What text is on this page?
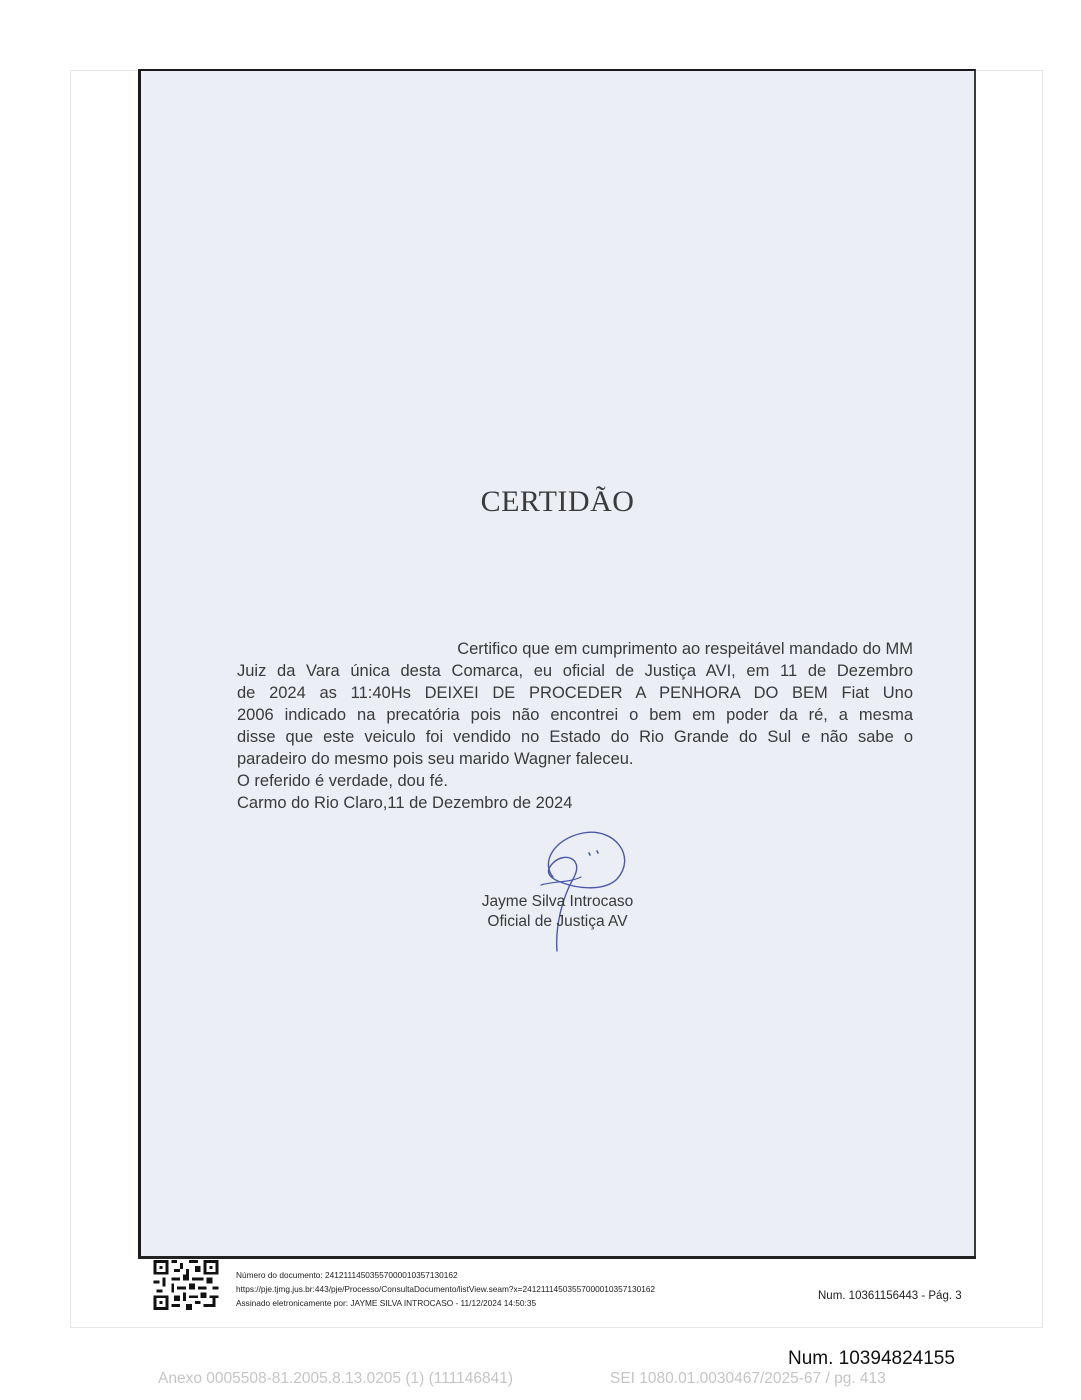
CERTIDÃO

Certifico que em cumprimento ao respeitável mandado do MM

Juiz da Vara única desta Comarca, eu oficial de Justiça AVI, em 11 de Dezembro

de 2024 as 11:40Hs DEIXEI DE PROCEDER A PENHORA DO BEM Fiat Uno

2006 indicado na precatória pois não encontrei o bem em poder da ré, a mesma

disse que este veiculo foi vendido no Estado do Rio Grande do Sul e não sabe o

paradeiro do mesmo pois seu marido Wagner faleceu.

O referido é verdade, dou fé.

Carmo do Rio Claro,11 de Dezembro de 2024

Jayme Silva Introcaso
Oficial de Justiça AV
Número do documento: 24121114503557000010357130162
https://pje.tjmg.jus.br:443/pje/Processo/ConsultaDocumento/listView.seam?x=24121114503557000010357130162
Assinado eletronicamente por: JAYME SILVA INTROCASO - 11/12/2024 14:50:35
Num. 10361156443 - Pág. 3
Num. 10394824155
Anexo 0005508-81.2005.8.13.0205 (1) (111146841)	SEI 1080.01.0030467/2025-67 / pg. 413
